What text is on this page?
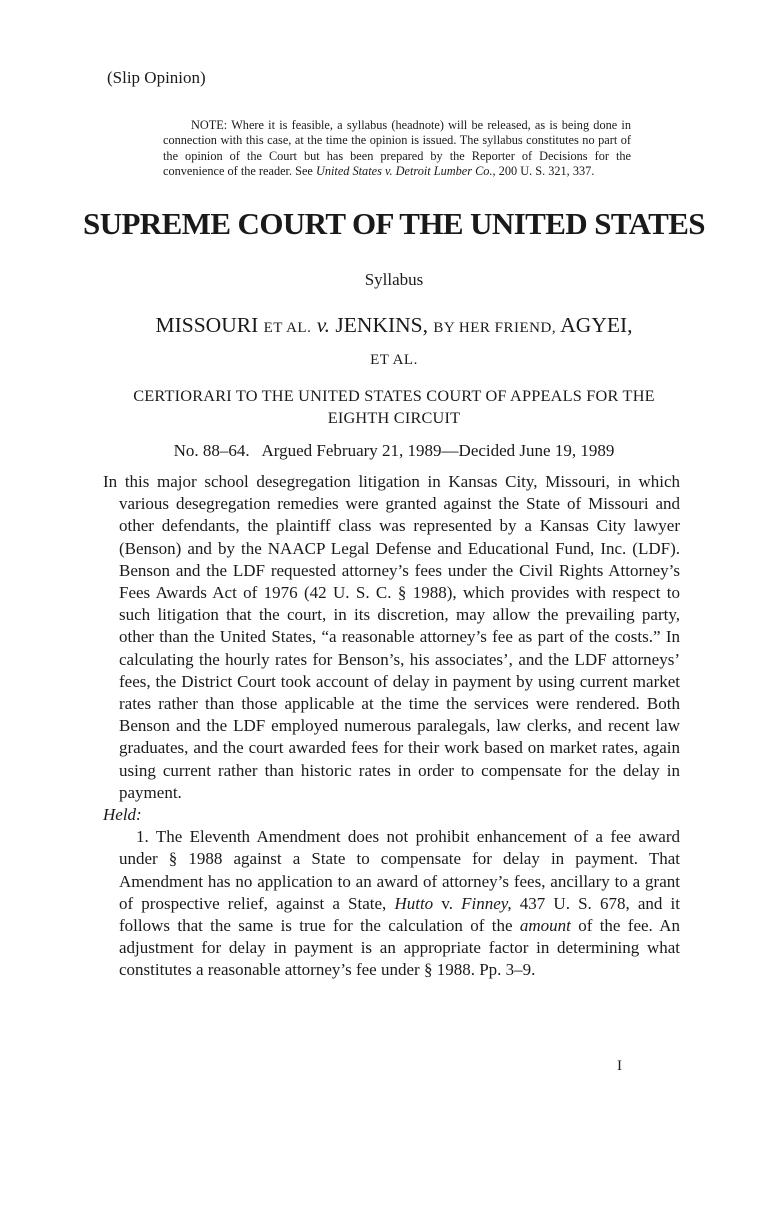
(Slip Opinion)
NOTE: Where it is feasible, a syllabus (headnote) will be released, as is being done in connection with this case, at the time the opinion is issued. The syllabus constitutes no part of the opinion of the Court but has been prepared by the Reporter of Decisions for the convenience of the reader. See United States v. Detroit Lumber Co., 200 U. S. 321, 337.
SUPREME COURT OF THE UNITED STATES
Syllabus
MISSOURI ET AL. v. JENKINS, BY HER FRIEND, AGYEI,
ET AL.
CERTIORARI TO THE UNITED STATES COURT OF APPEALS FOR THE EIGHTH CIRCUIT
No. 88–64.   Argued February 21, 1989—Decided June 19, 1989

In this major school desegregation litigation in Kansas City, Missouri, in which various desegregation remedies were granted against the State of Missouri and other defendants, the plaintiff class was represented by a Kansas City lawyer (Benson) and by the NAACP Legal Defense and Educational Fund, Inc. (LDF). Benson and the LDF requested attorney’s fees under the Civil Rights Attorney’s Fees Awards Act of 1976 (42 U. S. C. § 1988), which provides with respect to such litigation that the court, in its discretion, may allow the prevailing party, other than the United States, “a reasonable attorney’s fee as part of the costs.” In calculating the hourly rates for Benson’s, his associates’, and the LDF attorneys’ fees, the District Court took account of delay in payment by using current market rates rather than those applicable at the time the services were rendered. Both Benson and the LDF employed numerous paralegals, law clerks, and recent law graduates, and the court awarded fees for their work based on market rates, again using current rather than historic rates in order to compensate for the delay in payment.

Held:

1. The Eleventh Amendment does not prohibit enhancement of a fee award under § 1988 against a State to compensate for delay in payment. That Amendment has no application to an award of attorney’s fees, ancillary to a grant of prospective relief, against a State, Hutto v. Finney, 437 U. S. 678, and it follows that the same is true for the calculation of the amount of the fee. An adjustment for delay in payment is an appropriate factor in determining what constitutes a reasonable attorney’s fee under § 1988. Pp. 3–9.

I
